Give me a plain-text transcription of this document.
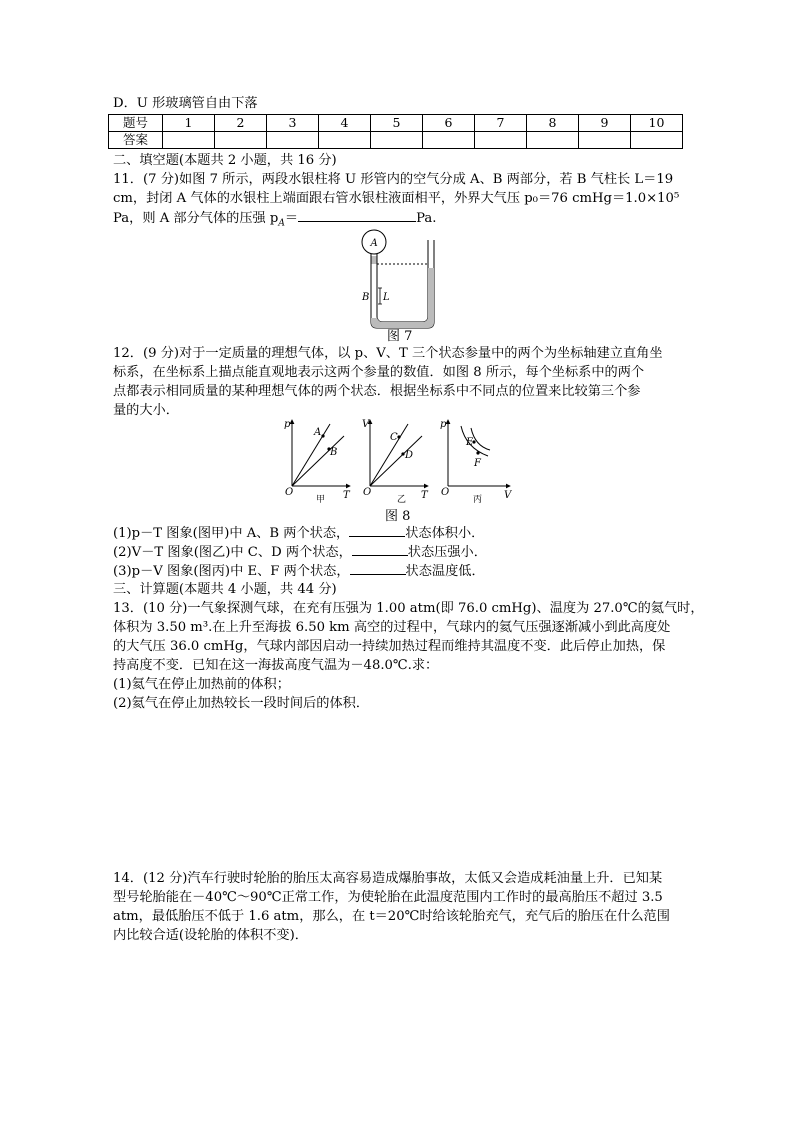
D．U 形玻璃管自由下落
题号	1	2	3	4	5	6	7	8	9	10
答案										
二、填空题(本题共 2 小题，共 16 分)
11．(7 分)如图 7 所示，两段水银柱将 U 形管内的空气分成 A、B 两部分，若 B 气柱长 L＝19
cm，封闭 A 气体的水银柱上端面跟右管水银柱液面相平，外界大气压 p₀＝76 cmHg＝1.0×10⁵
Pa，则 A 部分气体的压强 $p_A=$	Pa.
A
B L
图 7
12．(9 分)对于一定质量的理想气体，以 p、V、T 三个状态参量中的两个为坐标轴建立直角坐
标系，在坐标系上描点能直观地表示这两个参量的数值．如图 8 所示，每个坐标系中的两个
点都表示相同质量的某种理想气体的两个状态．根据坐标系中不同点的位置来比较第三个参
量的大小．
p
T
O
A
B
甲
V
T
O
C
D
乙
p
V
O
E
F
丙
图 8
(1)p－T 图象(图甲)中 A、B 两个状态，	状态体积小．
(2)V－T 图象(图乙)中 C、D 两个状态，	状态压强小．
(3)p－V 图象(图丙)中 E、F 两个状态，	状态温度低．
三、计算题(本题共 4 小题，共 44 分)
13．(10 分)一气象探测气球，在充有压强为 1.00 atm(即 76.0 cmHg)、温度为 27.0℃的氦气时，
体积为 3.50 m³.在上升至海拔 6.50 km 高空的过程中，气球内的氦气压强逐渐减小到此高度处
的大气压 36.0 cmHg，气球内部因启动一持续加热过程而维持其温度不变．此后停止加热，保
持高度不变．已知在这一海拔高度气温为－48.0℃.求：
(1)氦气在停止加热前的体积；
(2)氦气在停止加热较长一段时间后的体积．
14．(12 分)汽车行驶时轮胎的胎压太高容易造成爆胎事故，太低又会造成耗油量上升．已知某
型号轮胎能在－40℃～90℃正常工作，为使轮胎在此温度范围内工作时的最高胎压不超过 3.5
atm，最低胎压不低于 1.6 atm，那么，在 t＝20℃时给该轮胎充气，充气后的胎压在什么范围
内比较合适(设轮胎的体积不变)．
